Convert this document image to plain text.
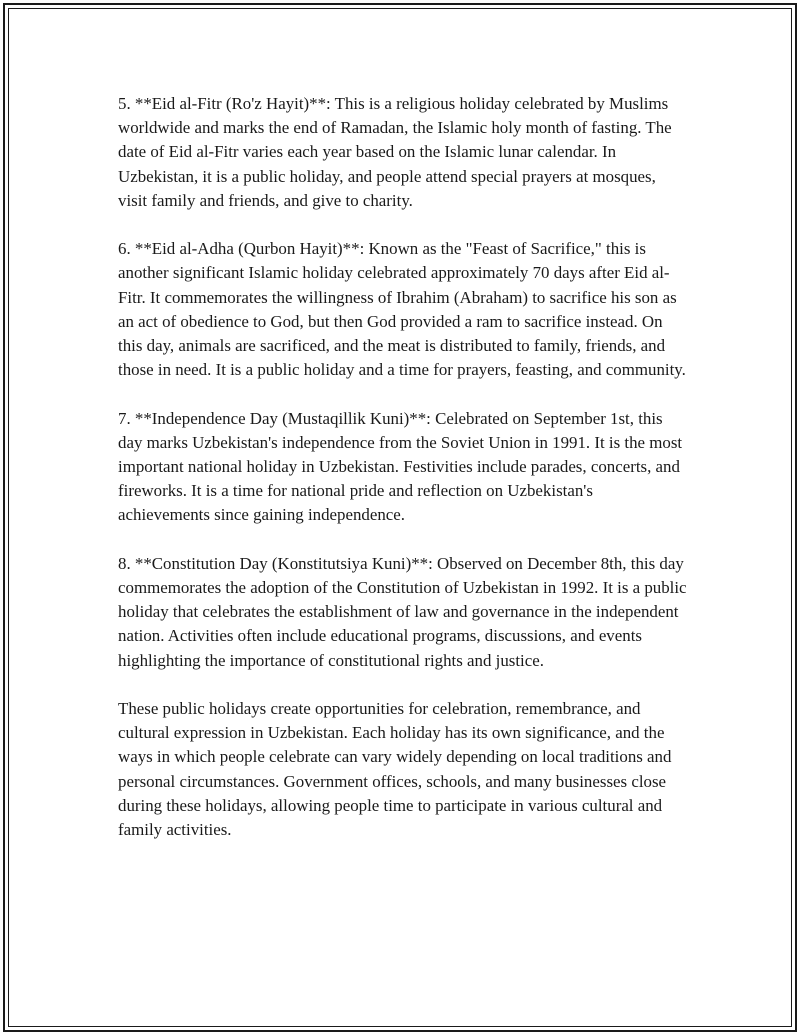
5. **Eid al-Fitr (Ro'z Hayit)**: This is a religious holiday celebrated by Muslims worldwide and marks the end of Ramadan, the Islamic holy month of fasting. The date of Eid al-Fitr varies each year based on the Islamic lunar calendar. In Uzbekistan, it is a public holiday, and people attend special prayers at mosques, visit family and friends, and give to charity.

6. **Eid al-Adha (Qurbon Hayit)**: Known as the "Feast of Sacrifice," this is another significant Islamic holiday celebrated approximately 70 days after Eid al-Fitr. It commemorates the willingness of Ibrahim (Abraham) to sacrifice his son as an act of obedience to God, but then God provided a ram to sacrifice instead. On this day, animals are sacrificed, and the meat is distributed to family, friends, and those in need. It is a public holiday and a time for prayers, feasting, and community.

7. **Independence Day (Mustaqillik Kuni)**: Celebrated on September 1st, this day marks Uzbekistan's independence from the Soviet Union in 1991. It is the most important national holiday in Uzbekistan. Festivities include parades, concerts, and fireworks. It is a time for national pride and reflection on Uzbekistan's achievements since gaining independence.

8. **Constitution Day (Konstitutsiya Kuni)**: Observed on December 8th, this day commemorates the adoption of the Constitution of Uzbekistan in 1992. It is a public holiday that celebrates the establishment of law and governance in the independent nation. Activities often include educational programs, discussions, and events highlighting the importance of constitutional rights and justice.

These public holidays create opportunities for celebration, remembrance, and cultural expression in Uzbekistan. Each holiday has its own significance, and the ways in which people celebrate can vary widely depending on local traditions and personal circumstances. Government offices, schools, and many businesses close during these holidays, allowing people time to participate in various cultural and family activities.
